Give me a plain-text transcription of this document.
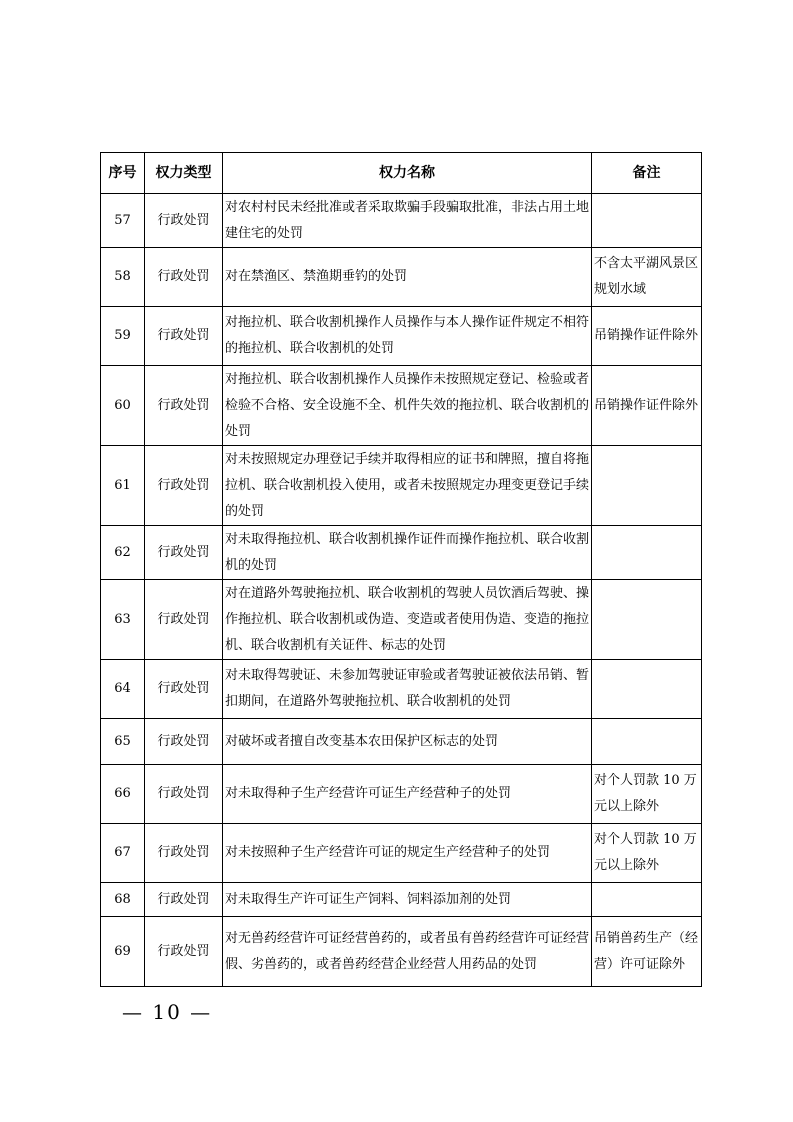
序号	权力类型	权力名称	备注
57	行政处罚	对农村村民未经批准或者采取欺骗手段骗取批准，非法占用土地建住宅的处罚	
58	行政处罚	对在禁渔区、禁渔期垂钓的处罚	不含太平湖风景区规划水域
59	行政处罚	对拖拉机、联合收割机操作人员操作与本人操作证件规定不相符的拖拉机、联合收割机的处罚	吊销操作证件除外
60	行政处罚	对拖拉机、联合收割机操作人员操作未按照规定登记、检验或者检验不合格、安全设施不全、机件失效的拖拉机、联合收割机的处罚	吊销操作证件除外
61	行政处罚	对未按照规定办理登记手续并取得相应的证书和牌照，擅自将拖拉机、联合收割机投入使用，或者未按照规定办理变更登记手续的处罚	
62	行政处罚	对未取得拖拉机、联合收割机操作证件而操作拖拉机、联合收割机的处罚	
63	行政处罚	对在道路外驾驶拖拉机、联合收割机的驾驶人员饮酒后驾驶、操作拖拉机、联合收割机或伪造、变造或者使用伪造、变造的拖拉机、联合收割机有关证件、标志的处罚	
64	行政处罚	对未取得驾驶证、未参加驾驶证审验或者驾驶证被依法吊销、暂扣期间，在道路外驾驶拖拉机、联合收割机的处罚	
65	行政处罚	对破坏或者擅自改变基本农田保护区标志的处罚	
66	行政处罚	对未取得种子生产经营许可证生产经营种子的处罚	对个人罚款 10 万元以上除外
67	行政处罚	对未按照种子生产经营许可证的规定生产经营种子的处罚	对个人罚款 10 万元以上除外
68	行政处罚	对未取得生产许可证生产饲料、饲料添加剂的处罚	
69	行政处罚	对无兽药经营许可证经营兽药的，或者虽有兽药经营许可证经营假、劣兽药的，或者兽药经营企业经营人用药品的处罚	吊销兽药生产（经营）许可证除外
— 10 —
